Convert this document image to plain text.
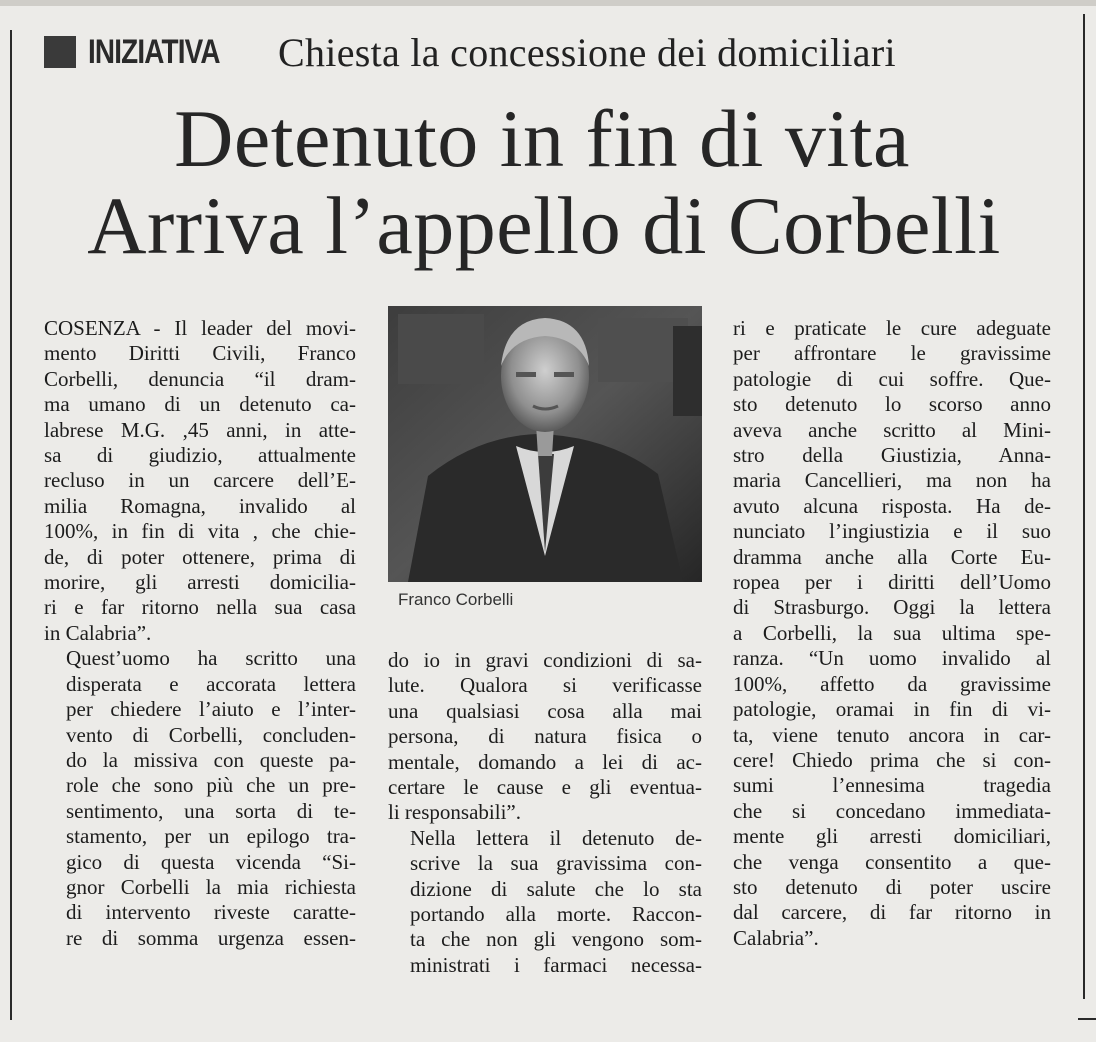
INIZIATIVA	Chiesta la concessione dei domiciliari
Detenuto in fin di vita
Arriva l’appello di Corbelli

COSENZA - Il leader del movi-
mento Diritti Civili, Franco
Corbelli, denuncia “il dram-
ma umano di un detenuto ca-
labrese M.G. ,45 anni, in atte-
sa di giudizio, attualmente
recluso in un carcere dell’E-
milia Romagna, invalido al
100%, in fin di vita , che chie-
de, di poter ottenere, prima di
morire, gli arresti domicilia-
ri e far ritorno nella sua casa
in Calabria”.

Quest’uomo ha scritto una
disperata e accorata lettera
per chiedere l’aiuto e l’inter-
vento di Corbelli, concluden-
do la missiva con queste pa-
role che sono più che un pre-
sentimento, una sorta di te-
stamento, per un epilogo tra-
gico di questa vicenda “Si-
gnor Corbelli la mia richiesta
di intervento riveste caratte-
re di somma urgenza essen-

Franco Corbelli

do io in gravi condizioni di sa-
lute. Qualora si verificasse
una qualsiasi cosa alla mai
persona, di natura fisica o
mentale, domando a lei di ac-
certare le cause e gli eventua-
li responsabili”.

Nella lettera il detenuto de-
scrive la sua gravissima con-
dizione di salute che lo sta
portando alla morte. Raccon-
ta che non gli vengono som-
ministrati i farmaci necessa-

ri e praticate le cure adeguate
per affrontare le gravissime
patologie di cui soffre. Que-
sto detenuto lo scorso anno
aveva anche scritto al Mini-
stro della Giustizia, Anna-
maria Cancellieri, ma non ha
avuto alcuna risposta. Ha de-
nunciato l’ingiustizia e il suo
dramma anche alla Corte Eu-
ropea per i diritti dell’Uomo
di Strasburgo. Oggi la lettera
a Corbelli, la sua ultima spe-
ranza. “Un uomo invalido al
100%, affetto da gravissime
patologie, oramai in fin di vi-
ta, viene tenuto ancora in car-
cere! Chiedo prima che si con-
sumi l’ennesima tragedia
che si concedano immediata-
mente gli arresti domiciliari,
che venga consentito a que-
sto detenuto di poter uscire
dal carcere, di far ritorno in
Calabria”.
